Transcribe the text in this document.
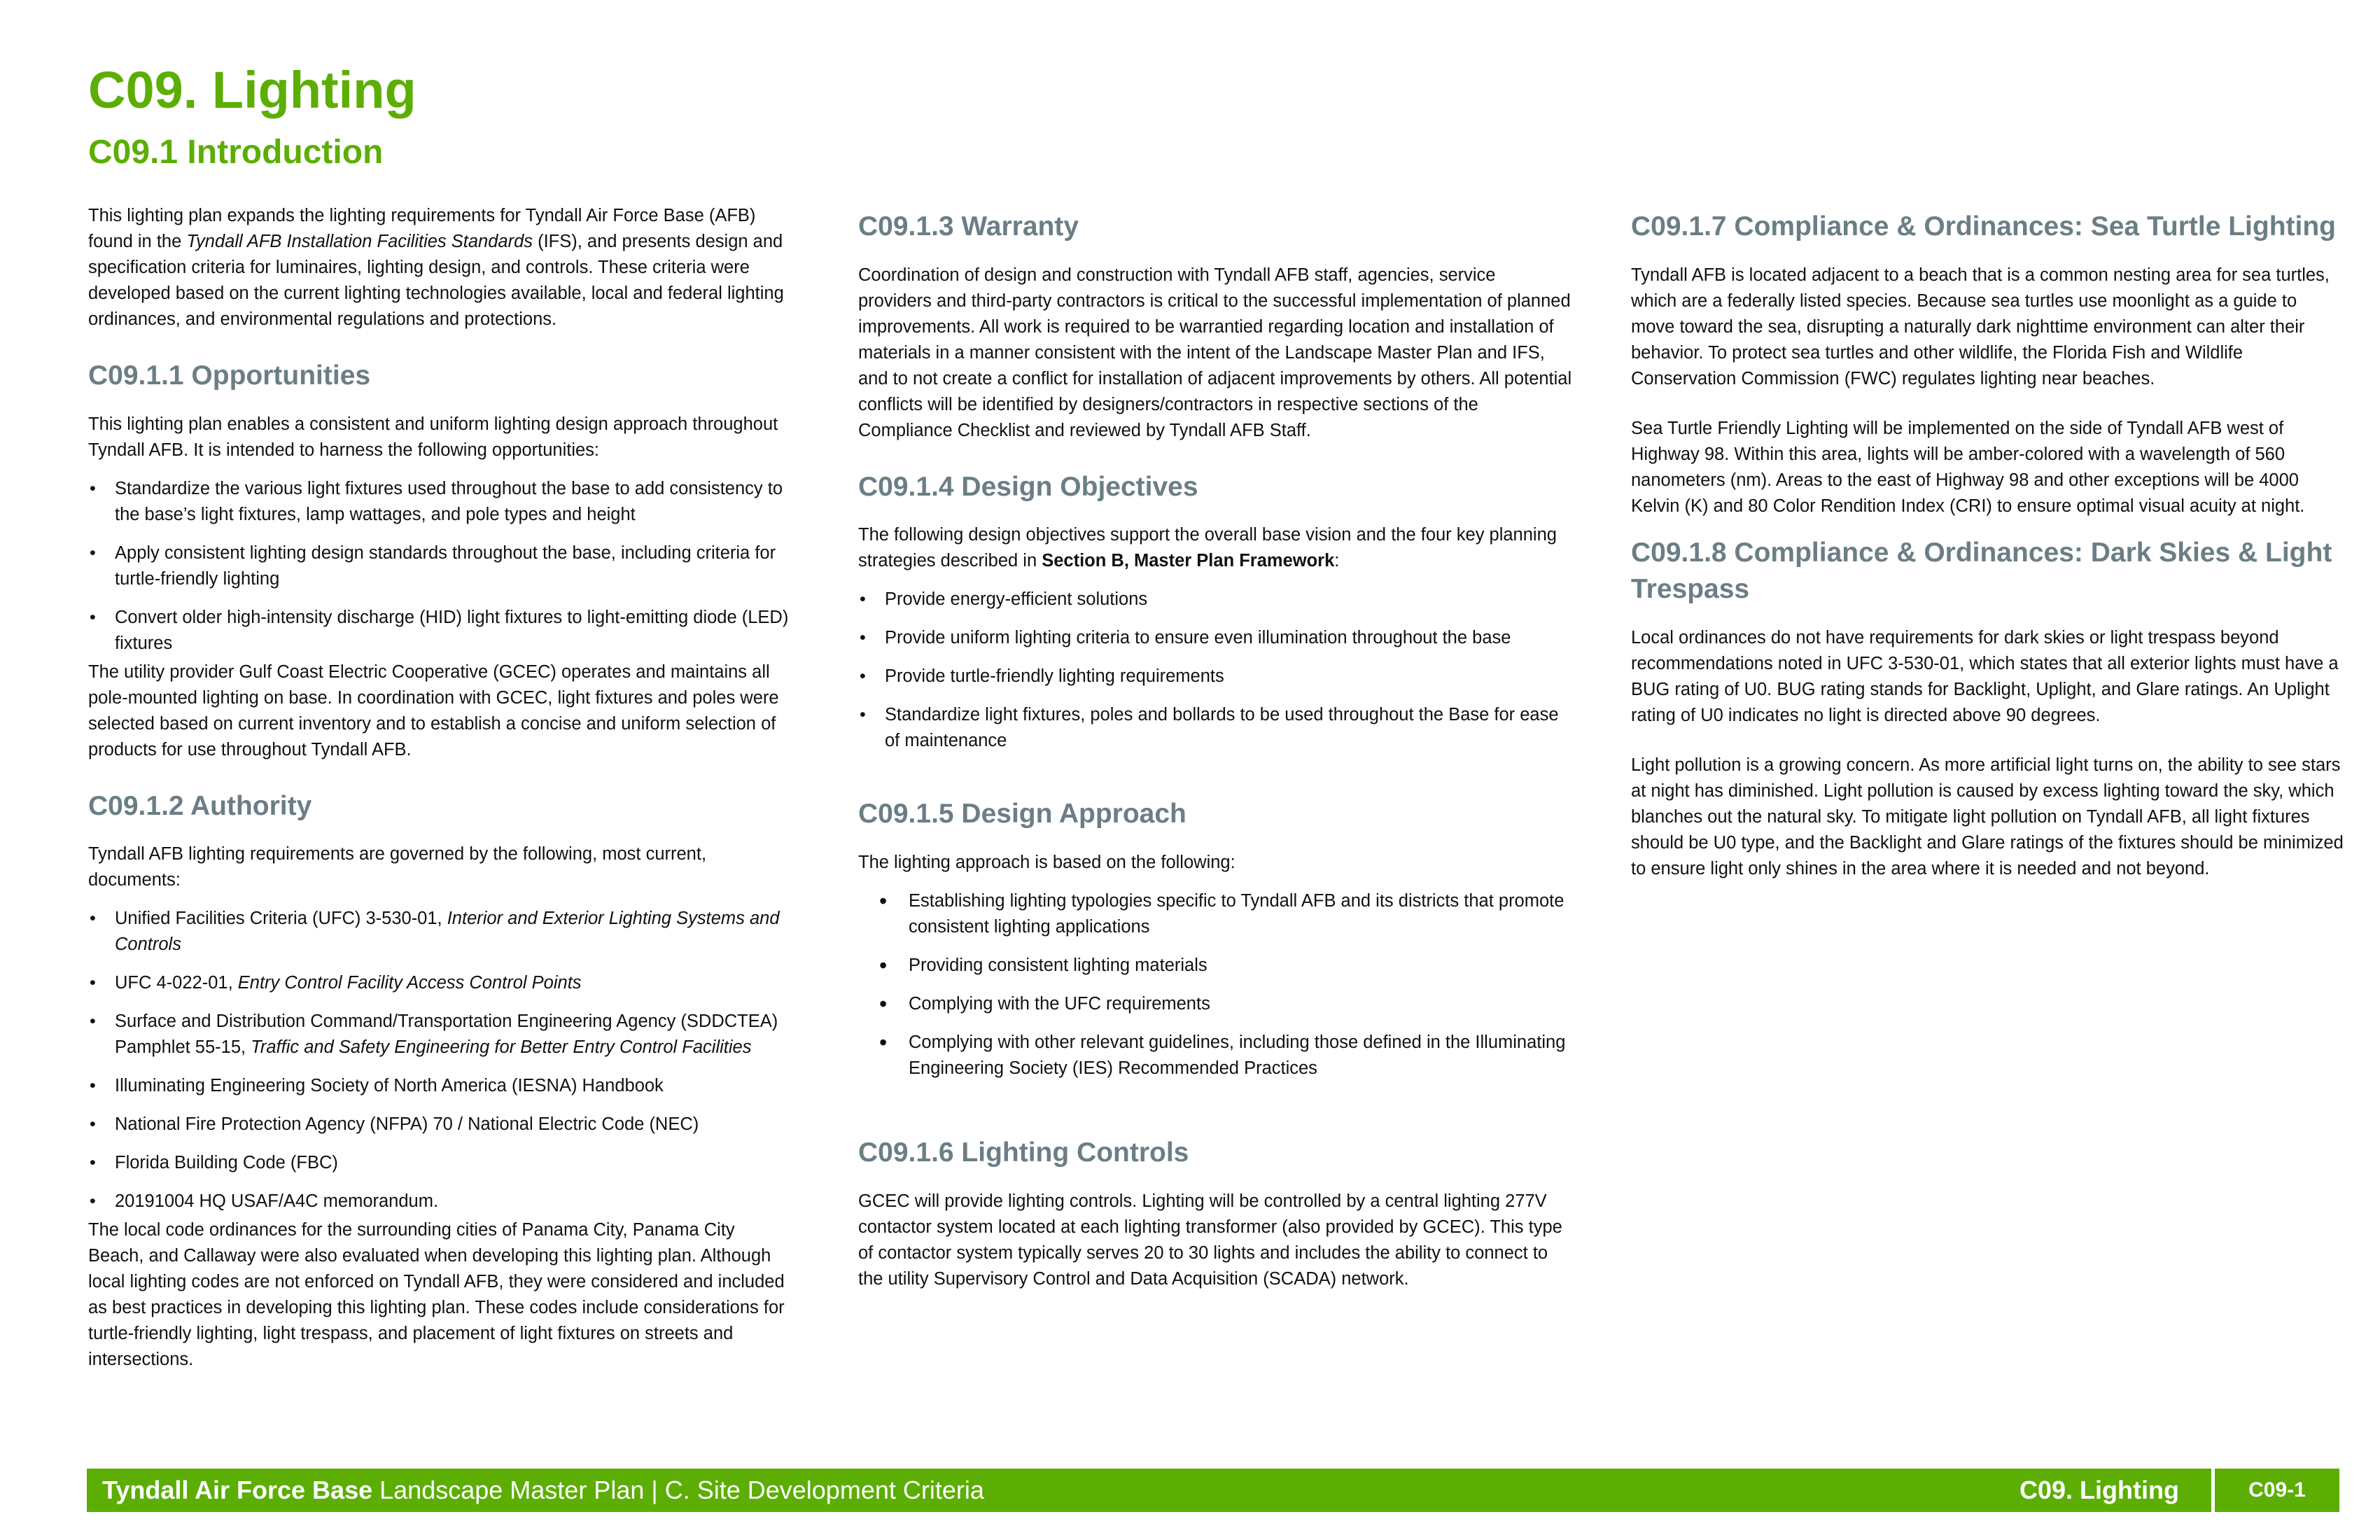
C09. Lighting
C09.1 Introduction

This lighting plan expands the lighting requirements for Tyndall Air Force Base (AFB) found in the Tyndall AFB Installation Facilities Standards (IFS), and presents design and specification criteria for luminaires, lighting design, and controls. These criteria were developed based on the current lighting technologies available, local and federal lighting ordinances, and environmental regulations and protections.

C09.1.1 Opportunities

This lighting plan enables a consistent and uniform lighting design approach throughout Tyndall AFB. It is intended to harness the following opportunities:

• Standardize the various light fixtures used throughout the base to add consistency to the base’s light fixtures, lamp wattages, and pole types and height
• Apply consistent lighting design standards throughout the base, including criteria for turtle-friendly lighting
• Convert older high-intensity discharge (HID) light fixtures to light-emitting diode (LED) fixtures

The utility provider Gulf Coast Electric Cooperative (GCEC) operates and maintains all pole-mounted lighting on base. In coordination with GCEC, light fixtures and poles were selected based on current inventory and to establish a concise and uniform selection of products for use throughout Tyndall AFB.

C09.1.2 Authority

Tyndall AFB lighting requirements are governed by the following, most current, documents:

• Unified Facilities Criteria (UFC) 3-530-01, Interior and Exterior Lighting Systems and Controls
• UFC 4-022-01, Entry Control Facility Access Control Points
• Surface and Distribution Command/Transportation Engineering Agency (SDDCTEA) Pamphlet 55-15, Traffic and Safety Engineering for Better Entry Control Facilities
• Illuminating Engineering Society of North America (IESNA) Handbook
• National Fire Protection Agency (NFPA) 70 / National Electric Code (NEC)
• Florida Building Code (FBC)
• 20191004 HQ USAF/A4C memorandum.

The local code ordinances for the surrounding cities of Panama City, Panama City Beach, and Callaway were also evaluated when developing this lighting plan. Although local lighting codes are not enforced on Tyndall AFB, they were considered and included as best practices in developing this lighting plan. These codes include considerations for turtle-friendly lighting, light trespass, and placement of light fixtures on streets and intersections.

C09.1.3 Warranty

Coordination of design and construction with Tyndall AFB staff, agencies, service providers and third-party contractors is critical to the successful implementation of planned improvements. All work is required to be warrantied regarding location and installation of materials in a manner consistent with the intent of the Landscape Master Plan and IFS, and to not create a conflict for installation of adjacent improvements by others. All potential conflicts will be identified by designers/contractors in respective sections of the Compliance Checklist and reviewed by Tyndall AFB Staff.

C09.1.4 Design Objectives

The following design objectives support the overall base vision and the four key planning strategies described in Section B, Master Plan Framework:

• Provide energy-efficient solutions
• Provide uniform lighting criteria to ensure even illumination throughout the base
• Provide turtle-friendly lighting requirements
• Standardize light fixtures, poles and bollards to be used throughout the Base for ease of maintenance
C09.1.5 Design Approach

The lighting approach is based on the following:

• Establishing lighting typologies specific to Tyndall AFB and its districts that promote consistent lighting applications
• Providing consistent lighting materials
• Complying with the UFC requirements
• Complying with other relevant guidelines, including those defined in the Illuminating Engineering Society (IES) Recommended Practices
C09.1.6 Lighting Controls

GCEC will provide lighting controls. Lighting will be controlled by a central lighting 277V contactor system located at each lighting transformer (also provided by GCEC). This type of contactor system typically serves 20 to 30 lights and includes the ability to connect to the utility Supervisory Control and Data Acquisition (SCADA) network.

C09.1.7 Compliance & Ordinances: Sea Turtle Lighting

Tyndall AFB is located adjacent to a beach that is a common nesting area for sea turtles, which are a federally listed species. Because sea turtles use moonlight as a guide to move toward the sea, disrupting a naturally dark nighttime environment can alter their behavior. To protect sea turtles and other wildlife, the Florida Fish and Wildlife Conservation Commission (FWC) regulates lighting near beaches.

Sea Turtle Friendly Lighting will be implemented on the side of Tyndall AFB west of Highway 98. Within this area, lights will be amber-colored with a wavelength of 560 nanometers (nm). Areas to the east of Highway 98 and other exceptions will be 4000 Kelvin (K) and 80 Color Rendition Index (CRI) to ensure optimal visual acuity at night.

C09.1.8 Compliance & Ordinances: Dark Skies & Light Trespass

Local ordinances do not have requirements for dark skies or light trespass beyond recommendations noted in UFC 3-530-01, which states that all exterior lights must have a BUG rating of U0. BUG rating stands for Backlight, Uplight, and Glare ratings. An Uplight rating of U0 indicates no light is directed above 90 degrees.

Light pollution is a growing concern. As more artificial light turns on, the ability to see stars at night has diminished. Light pollution is caused by excess lighting toward the sky, which blanches out the natural sky. To mitigate light pollution on Tyndall AFB, all light fixtures should be U0 type, and the Backlight and Glare ratings of the fixtures should be minimized to ensure light only shines in the area where it is needed and not beyond.

Tyndall Air Force Base Landscape Master Plan | C. Site Development Criteria	C09. Lighting	C09-1
